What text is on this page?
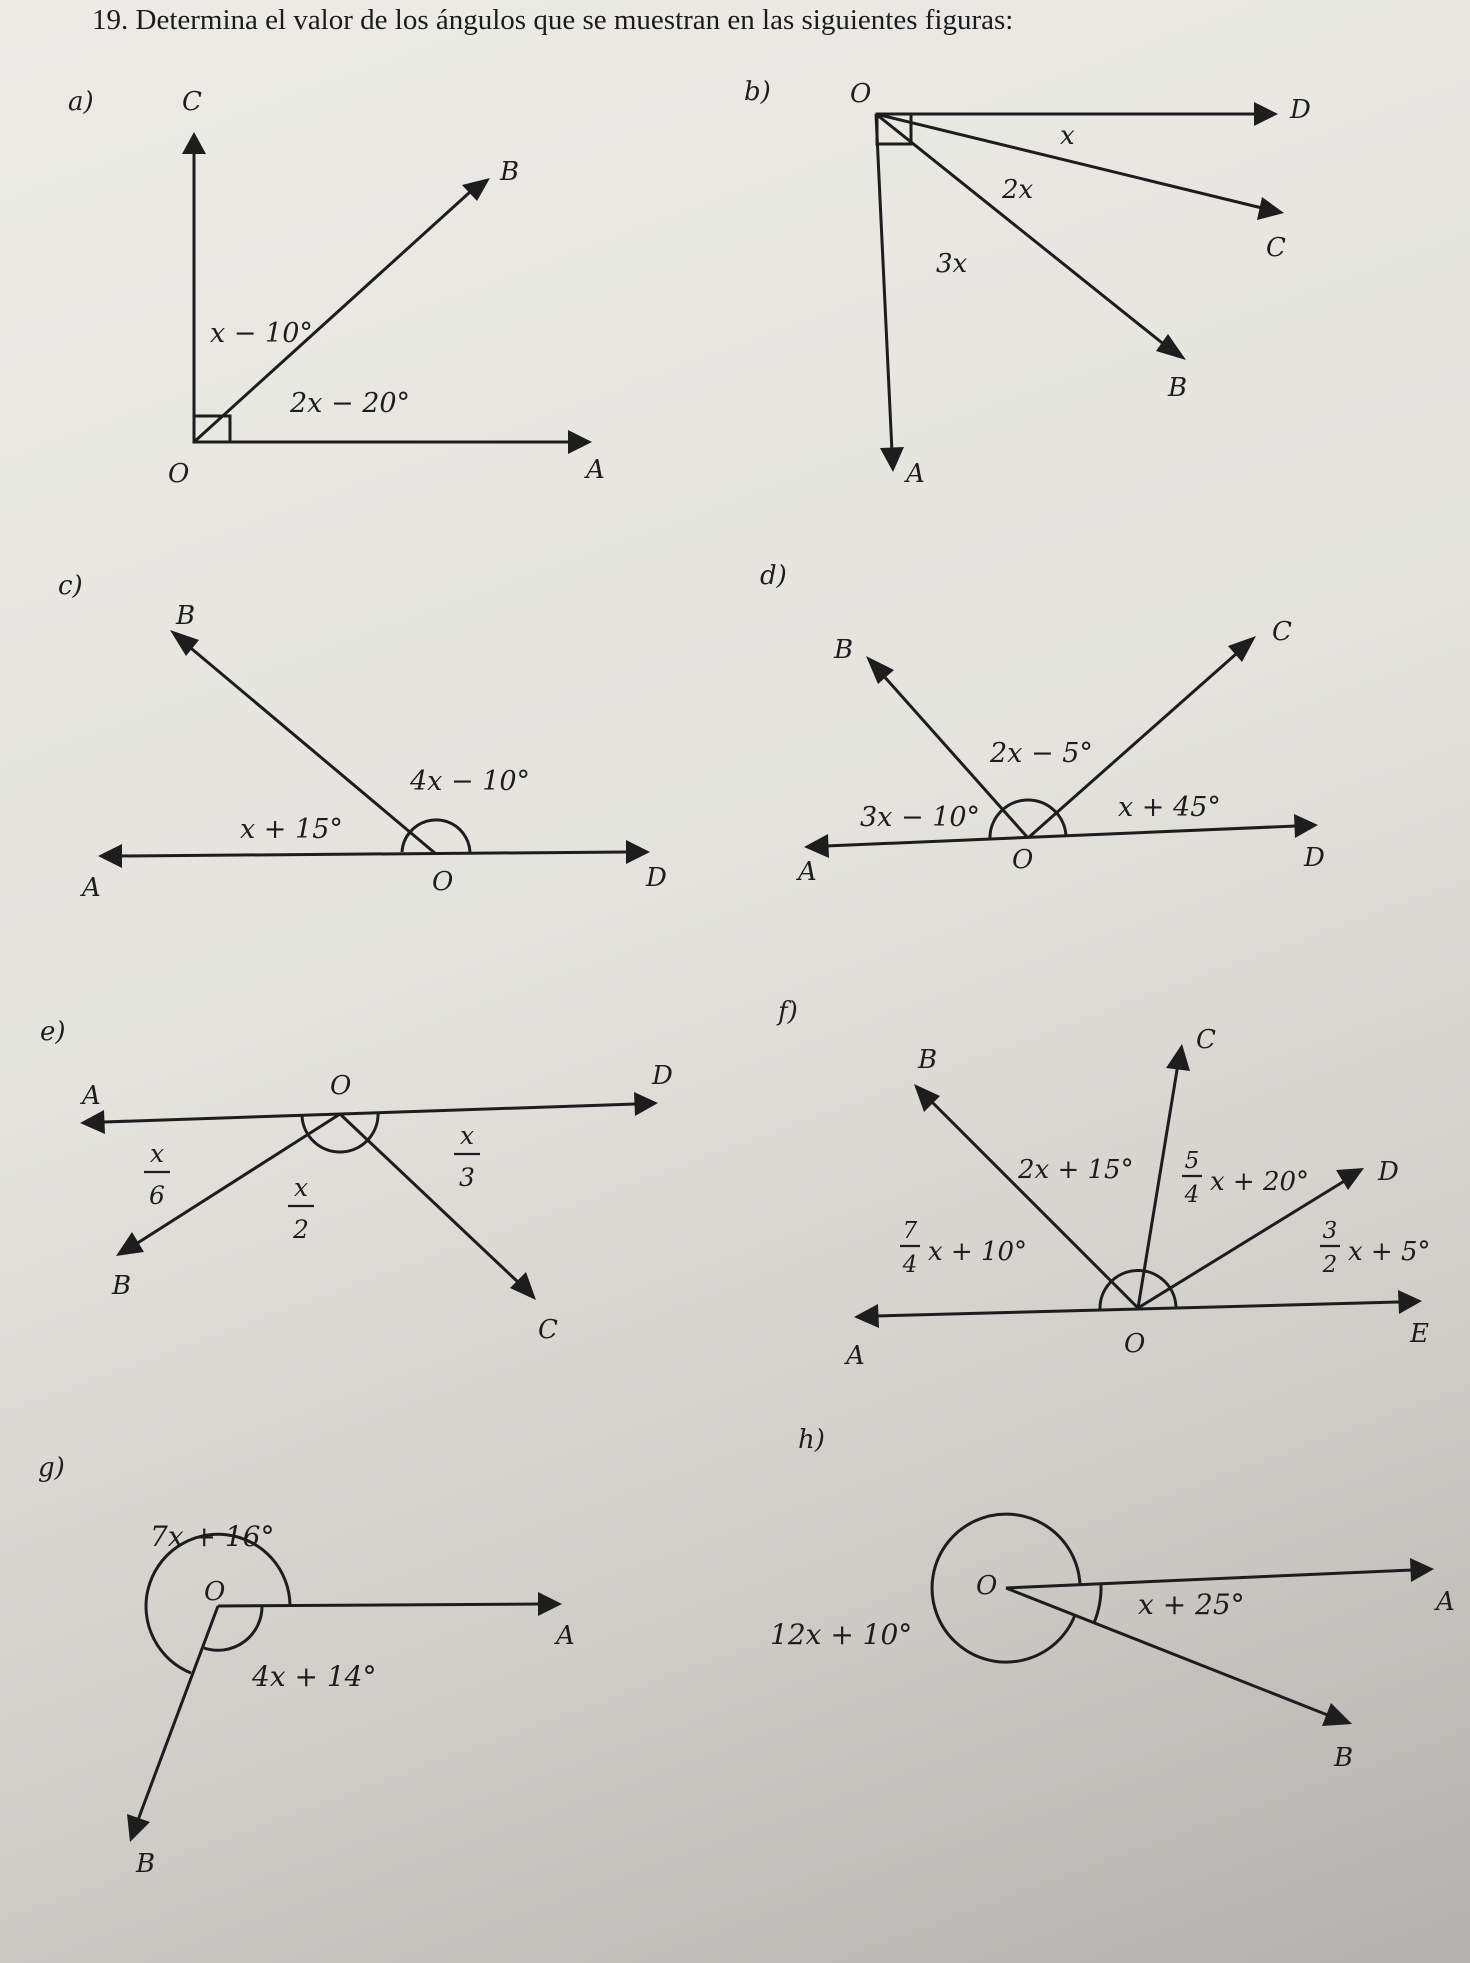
19. Determina el valor de los ángulos que se muestran en las siguientes figuras:
a)	C
B
O	A
x − 10°
2x − 20°
b)	O
D
C
B
A
x
2x
3x
c)
B
A	O	D
4x − 10°
x + 15°
d)
B
C
A	O	D
2x − 5°
3x − 10°	x + 45°
e)
A	O	D
B
C
x
6	x
2
x
3
f)
B
C
D
A	O	E
2x + 15° 5
4 x + 20°
7
4 x + 10°
3
2 x + 5°
g)
O
A
B
7x + 16°
4x + 14°
h)
O
A
B
x + 25°
12x + 10°
